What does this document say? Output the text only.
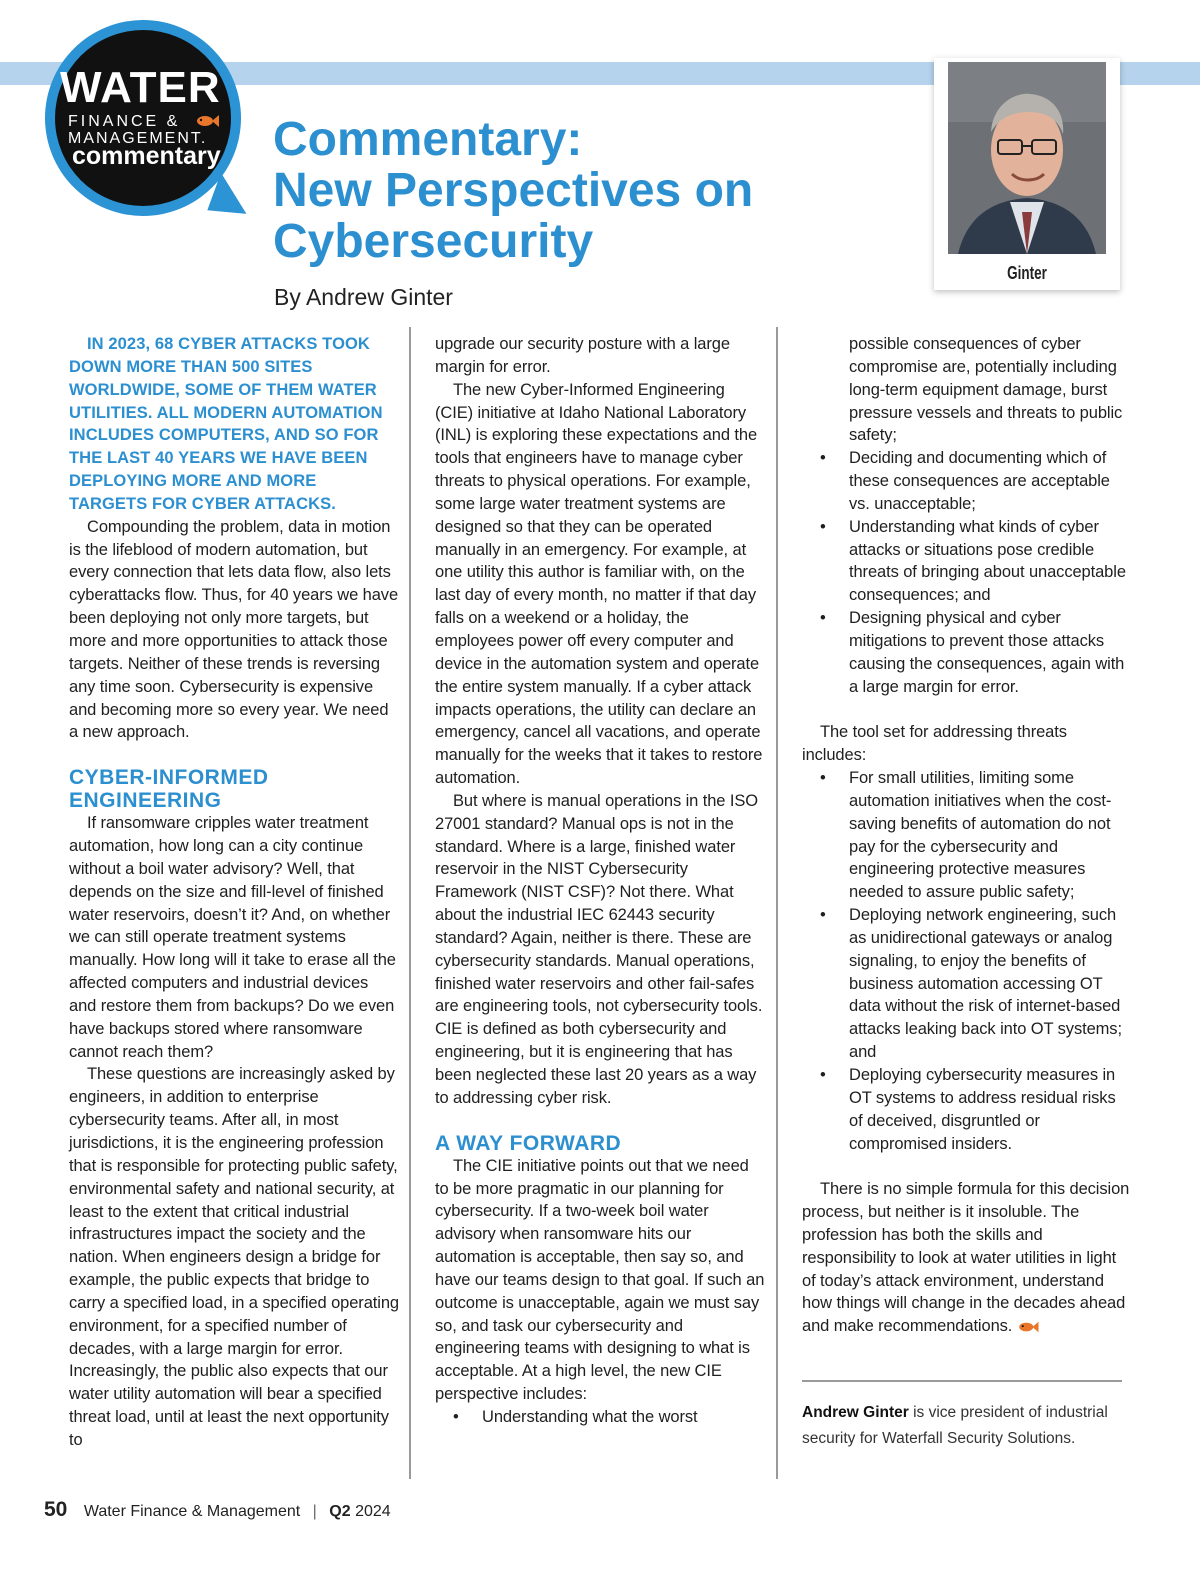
WATER
FINANCE &
MANAGEMENT.
commentary	Commentary:
New Perspectives on
Cybersecurity
By Andrew Ginter
Ginter

IN 2023, 68 CYBER ATTACKS TOOK DOWN MORE THAN 500 SITES WORLDWIDE, SOME OF THEM WATER UTILITIES. ALL MODERN AUTOMATION INCLUDES COMPUTERS, AND SO FOR THE LAST 40 YEARS WE HAVE BEEN DEPLOYING MORE AND MORE TARGETS FOR CYBER ATTACKS.

Compounding the problem, data in motion is the lifeblood of modern automation, but every connection that lets data flow, also lets cyberattacks flow. Thus, for 40 years we have been deploying not only more targets, but more and more opportunities to attack those targets. Neither of these trends is reversing any time soon. Cybersecurity is expensive and becoming more so every year. We need a new approach.

CYBER-INFORMED ENGINEERING

If ransomware cripples water treatment automation, how long can a city continue without a boil water advisory? Well, that depends on the size and fill-level of finished water reservoirs, doesn’t it? And, on whether we can still operate treatment systems manually. How long will it take to erase all the affected computers and industrial devices and restore them from backups? Do we even have backups stored where ransomware cannot reach them?

These questions are increasingly asked by engineers, in addition to enterprise cybersecurity teams. After all, in most jurisdictions, it is the engineering profession that is responsible for protecting public safety, environmental safety and national security, at least to the extent that critical industrial infrastructures impact the society and the nation. When engineers design a bridge for example, the public expects that bridge to carry a specified load, in a specified operating environment, for a specified number of decades, with a large margin for error. Increasingly, the public also expects that our water utility automation will bear a specified threat load, until at least the next opportunity to

upgrade our security posture with a large margin for error.

The new Cyber-Informed Engineering (CIE) initiative at Idaho National Laboratory (INL) is exploring these expectations and the tools that engineers have to manage cyber threats to physical operations. For example, some large water treatment systems are designed so that they can be operated manually in an emergency. For example, at one utility this author is familiar with, on the last day of every month, no matter if that day falls on a weekend or a holiday, the employees power off every computer and device in the automation system and operate the entire system manually. If a cyber attack impacts operations, the utility can declare an emergency, cancel all vacations, and operate manually for the weeks that it takes to restore automation.

But where is manual operations in the ISO 27001 standard? Manual ops is not in the standard. Where is a large, finished water reservoir in the NIST Cybersecurity Framework (NIST CSF)? Not there. What about the industrial IEC 62443 security standard? Again, neither is there. These are cybersecurity standards. Manual operations, finished water reservoirs and other fail-safes are engineering tools, not cybersecurity tools. CIE is defined as both cybersecurity and engineering, but it is engineering that has been neglected these last 20 years as a way to addressing cyber risk.

A WAY FORWARD

The CIE initiative points out that we need to be more pragmatic in our planning for cybersecurity. If a two-week boil water advisory when ransomware hits our automation is acceptable, then say so, and have our teams design to that goal. If such an outcome is unacceptable, again we must say so, and task our cybersecurity and engineering teams with designing to what is acceptable. At a high level, the new CIE perspective includes:

• Understanding what the worst

possible consequences of cyber compromise are, potentially including long-term equipment damage, burst pressure vessels and threats to public safety;

• Deciding and documenting which of these consequences are acceptable vs. unacceptable;
• Understanding what kinds of cyber attacks or situations pose credible threats of bringing about unacceptable consequences; and
• Designing physical and cyber mitigations to prevent those attacks causing the consequences, again with a large margin for error.

The tool set for addressing threats includes:

• For small utilities, limiting some automation initiatives when the cost-saving benefits of automation do not pay for the cybersecurity and engineering protective measures needed to assure public safety;
• Deploying network engineering, such as unidirectional gateways or analog signaling, to enjoy the benefits of business automation accessing OT data without the risk of internet-based attacks leaking back into OT systems; and
• Deploying cybersecurity measures in OT systems to address residual risks of deceived, disgruntled or compromised insiders.

There is no simple formula for this decision process, but neither is it insoluble. The profession has both the skills and responsibility to look at water utilities in light of today’s attack environment, understand how things will change in the decades ahead and make recommendations.

Andrew Ginter is vice president of industrial security for Waterfall Security Solutions.
50 Water Finance & Management | Q2 2024
